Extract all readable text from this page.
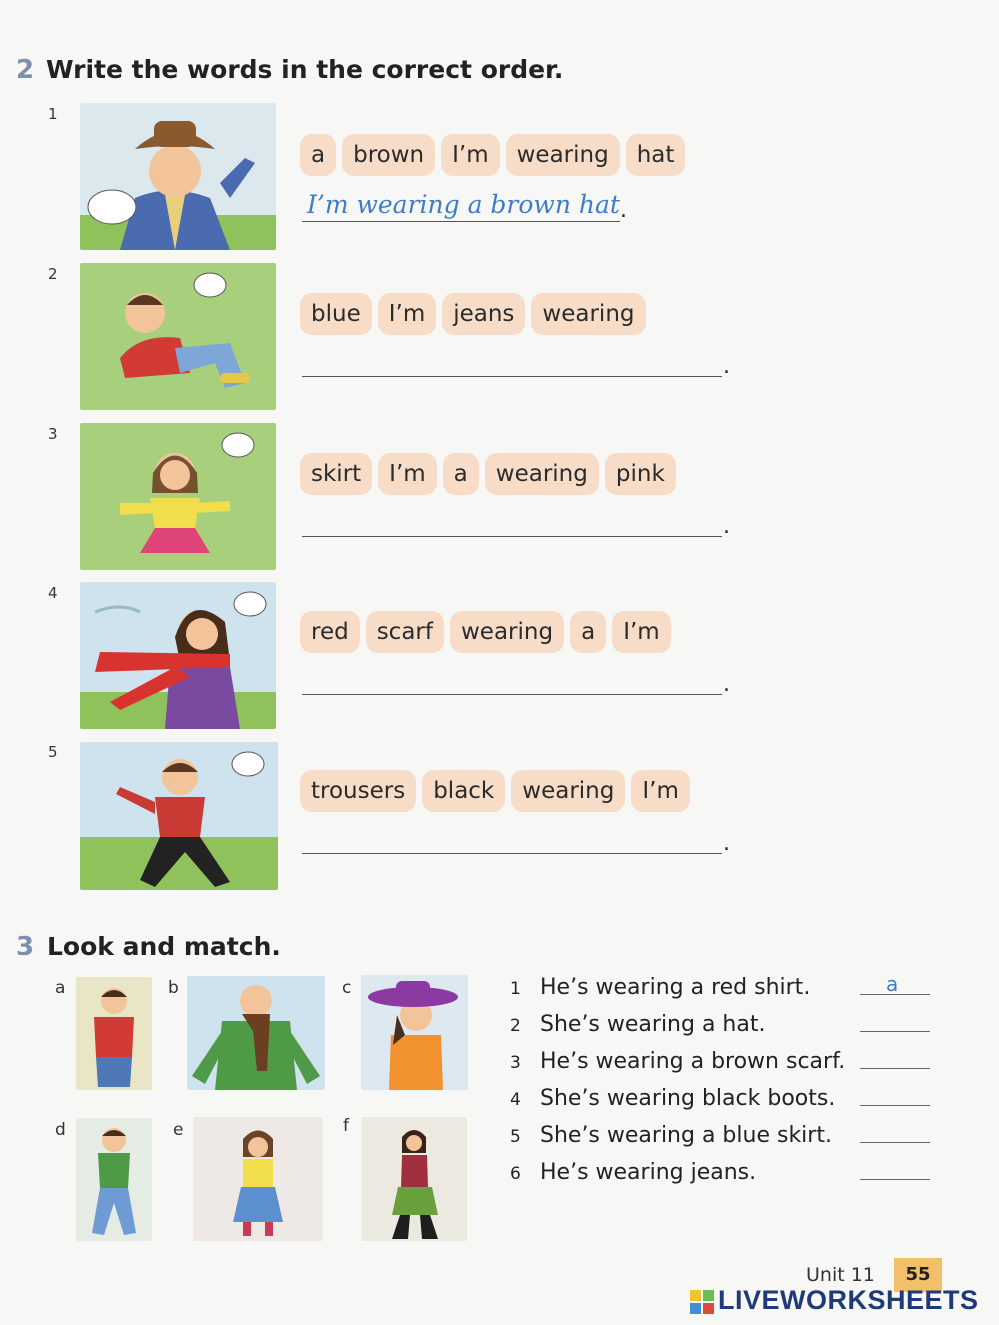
2 Write the words in the correct order.
1
a	brown	I’m	wearing	hat
I’m wearing a brown hat .
2
blue	I’m	jeans	wearing
.
3
skirt	I’m	a	wearing	pink
.
4
red	scarf	wearing	a	I’m
.
5
trousers	black	wearing	I’m
.
3 Look and match.
a	b	c
d	e	f
1 He’s wearing a red shirt.	a
2 She’s wearing a hat.
3 He’s wearing a brown scarf.
4 She’s wearing black boots.
5 She’s wearing a blue skirt.
6 He’s wearing jeans.
Unit 11	55
LIVEWORKSHEETS
